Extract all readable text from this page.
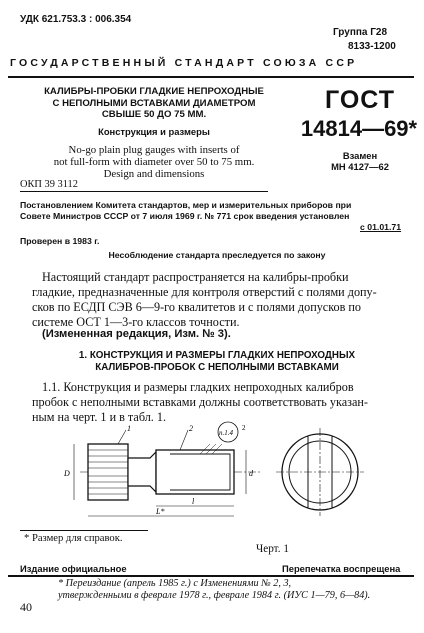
УДК 621.753.3 : 006.354
Группа Г28
8133-1200
ГОСУДАРСТВЕННЫЙ СТАНДАРТ СОЮЗА ССР
КАЛИБРЫ-ПРОБКИ ГЛАДКИЕ НЕПРОХОДНЫЕ
С НЕПОЛНЫМИ ВСТАВКАМИ ДИАМЕТРОМ
СВЫШЕ 50 ДО 75 ММ.
Конструкция и размеры
No-go plain plug gauges with inserts of
not full-form with diameter over 50 to 75 mm.
Design and dimensions
ГОСТ
14814—69*
Взамен
МН 4127—62
ОКП 39 3112
Постановлением Комитета стандартов, мер и измерительных приборов при
Совете Министров СССР от 7 июля 1969 г. № 771 срок введения установлен
с 01.01.71
Проверен в 1983 г.
Несоблюдение стандарта преследуется по закону
Настоящий стандарт распространяется на калибры-пробки
гладкие, предназначенные для контроля отверстий с полями допу-
сков по ЕСДП СЭВ 6—9-го квалитетов и с полями допусков по
системе ОСТ 1—3-го классов точности.
(Измененная редакция, Изм. № 3).
1. КОНСТРУКЦИЯ И РАЗМЕРЫ ГЛАДКИХ НЕПРОХОДНЫХ
КАЛИБРОВ-ПРОБОК С НЕПОЛНЫМИ ВСТАВКАМИ
1.1. Конструкция и размеры гладких непроходных калибров
пробок с неполными вставками должны соответствовать указан-
ным на черт. 1 и в табл. 1.
D	d
l
L*
1	2	п.1.4
2
* Размер для справок.
Черт. 1
Издание официальное	Перепечатка воспрещена
* Переиздание (апрель 1985 г.) с Изменениями № 2, 3,
утвержденными в феврале 1978 г., феврале 1984 г. (ИУС 1—79, 6—84).
40
